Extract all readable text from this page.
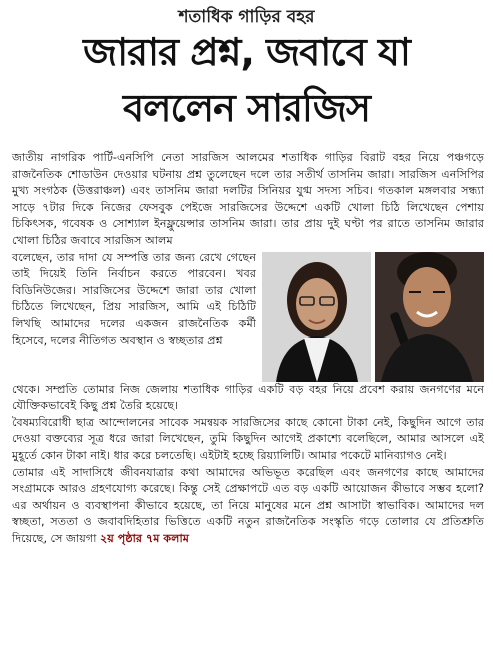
শতাধিক গাড়ির বহর
জারার প্রশ্ন, জবাবে যা
বললেন সারজিস

জাতীয় নাগরিক পার্টি-এনসিপি নেতা সারজিস আলমের শতাধিক গাড়ির বিরাট বহর নিয়ে পঞ্চগড়ে রাজনৈতিক শোডাউন দেওয়ার ঘটনায় প্রশ্ন তুলেছেন দলে তার সতীর্থ তাসনিম জারা। সারজিস এনসিপির মুখ্য সংগঠক (উত্তরাঞ্চল) এবং তাসনিম জারা দলটির সিনিয়র যুগ্ম সদস্য সচিব। গতকাল মঙ্গলবার সন্ধ্যা সাড়ে ৭টার দিকে নিজের ফেসবুক পেইজে সারজিসের উদ্দেশে একটি খোলা চিঠি লিখেছেন পেশায় চিকিৎসক, গবেষক ও সোশ্যাল ইনফ্লুয়েন্সার তাসনিম জারা। তার প্রায় দুই ঘণ্টা পর রাতে তাসনিম জারার খোলা চিঠির জবাবে সারজিস আলম

বলেছেন, তার দাদা যে সম্পত্তি তার জন্য রেখে গেছেন তাই দিয়েই তিনি নির্বাচন করতে পারবেন। খবর বিডিনিউজের। সারজিসের উদ্দেশে জারা তার খোলা চিঠিতে লিখেছেন, প্রিয় সারজিস, আমি এই চিঠিটি লিখছি আমাদের দলের একজন রাজনৈতিক কর্মী হিসেবে, দলের নীতিগত অবস্থান ও স্বচ্ছতার প্রশ্ন

থেকে। সম্প্রতি তোমার নিজ জেলায় শতাধিক গাড়ির একটি বড় বহর নিয়ে প্রবেশ করায় জনগণের মনে যৌক্তিকভাবেই কিছু প্রশ্ন তৈরি হয়েছে।

বৈষম্যবিরোধী ছাত্র আন্দোলনের সাবেক সমন্বয়ক সারজিসের কাছে কোনো টাকা নেই, কিছুদিন আগে তার দেওয়া বক্তব্যের সূত্র ধরে জারা লিখেছেন, তুমি কিছুদিন আগেই প্রকাশ্যে বলেছিলে, আমার আসলে এই মুহূর্তে কোন টাকা নাই। ধার করে চলতেছি। এইটাই হচ্ছে রিয়্যালিটি। আমার পকেটে মানিব্যাগও নেই।

তোমার এই সাদাসিধে জীবনযাত্রার কথা আমাদের অভিভূত করেছিল এবং জনগণের কাছে আমাদের সংগ্রামকে আরও গ্রহণযোগ্য করেছে। কিন্তু সেই প্রেক্ষাপটে এত বড় একটি আয়োজন কীভাবে সম্ভব হলো? এর অর্থায়ন ও ব্যবস্থাপনা কীভাবে হয়েছে, তা নিয়ে মানুষের মনে প্রশ্ন আসাটা স্বাভাবিক। আমাদের দল স্বচ্ছতা, সততা ও জবাবদিহিতার ভিত্তিতে একটি নতুন রাজনৈতিক সংস্কৃতি গড়ে তোলার যে প্রতিশ্রুতি দিয়েছে, সে জায়গা ২য় পৃষ্ঠার ৭ম কলাম
